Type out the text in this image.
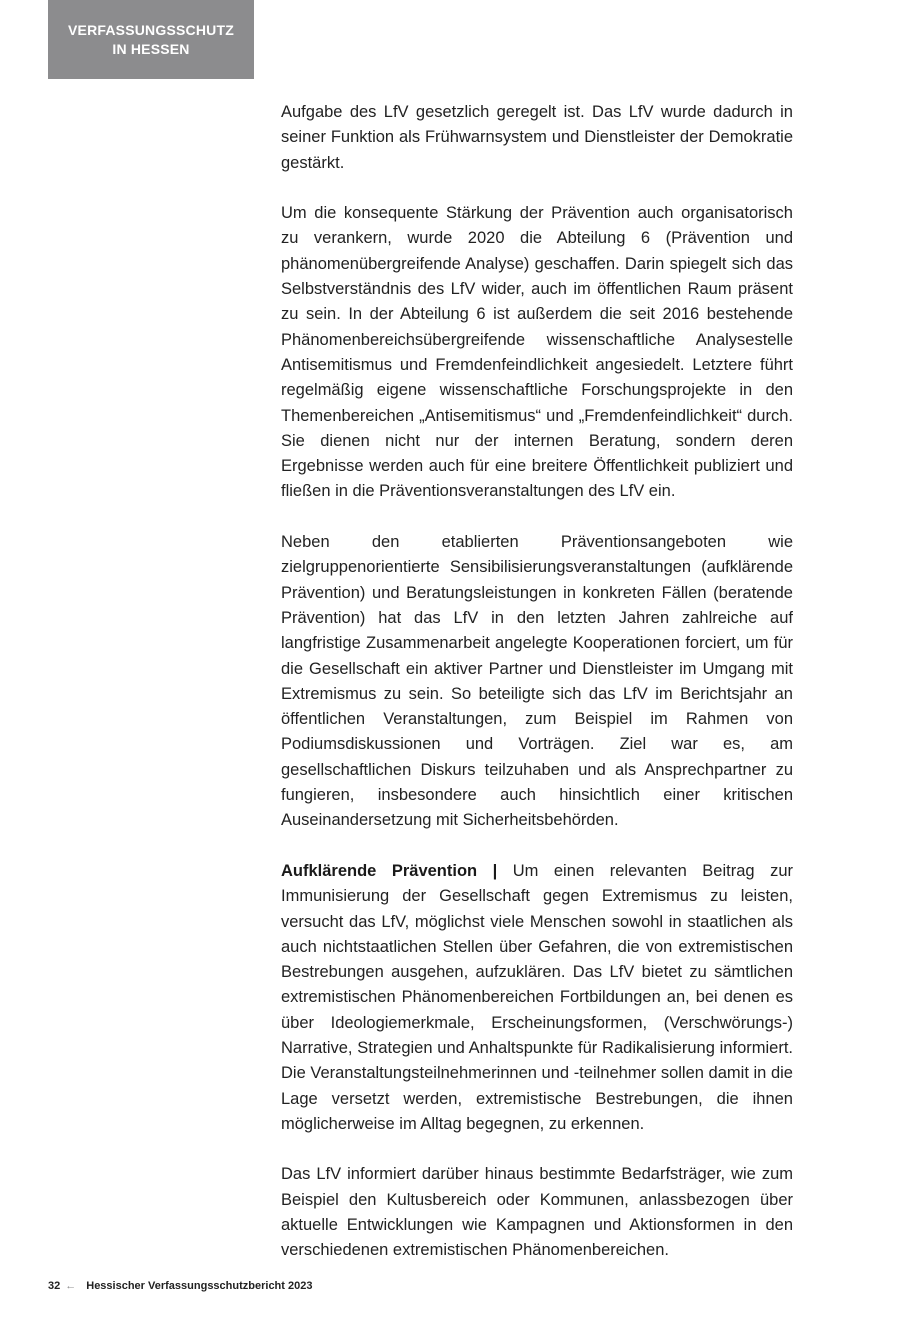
VERFASSUNGSSCHUTZ
IN HESSEN

Aufgabe des LfV gesetzlich geregelt ist. Das LfV wurde dadurch in seiner Funktion als Frühwarnsystem und Dienstleister der Demokratie gestärkt.

Um die konsequente Stärkung der Prävention auch organisatorisch zu verankern, wurde 2020 die Abteilung 6 (Prävention und phänomenübergreifende Analyse) geschaffen. Darin spiegelt sich das Selbstverständnis des LfV wider, auch im öffentlichen Raum präsent zu sein. In der Abteilung 6 ist außerdem die seit 2016 bestehende Phänomenbereichsübergreifende wissenschaftliche Analysestelle Antisemitismus und Fremdenfeindlichkeit angesiedelt. Letztere führt regelmäßig eigene wissenschaftliche Forschungsprojekte in den Themenbereichen „Antisemitismus“ und „Fremdenfeindlichkeit“ durch. Sie dienen nicht nur der internen Beratung, sondern deren Ergebnisse werden auch für eine breitere Öffentlichkeit publiziert und fließen in die Präventionsveranstaltungen des LfV ein.

Neben den etablierten Präventionsangeboten wie zielgruppenorientierte Sensibilisierungsveranstaltungen (aufklärende Prävention) und Beratungsleistungen in konkreten Fällen (beratende Prävention) hat das LfV in den letzten Jahren zahlreiche auf langfristige Zusammenarbeit angelegte Kooperationen forciert, um für die Gesellschaft ein aktiver Partner und Dienstleister im Umgang mit Extremismus zu sein. So beteiligte sich das LfV im Berichtsjahr an öffentlichen Veranstaltungen, zum Beispiel im Rahmen von Podiumsdiskussionen und Vorträgen. Ziel war es, am gesellschaftlichen Diskurs teilzuhaben und als Ansprechpartner zu fungieren, insbesondere auch hinsichtlich einer kritischen Auseinandersetzung mit Sicherheitsbehörden.

Aufklärende Prävention | Um einen relevanten Beitrag zur Immunisierung der Gesellschaft gegen Extremismus zu leisten, versucht das LfV, möglichst viele Menschen sowohl in staatlichen als auch nichtstaatlichen Stellen über Gefahren, die von extremistischen Bestrebungen ausgehen, aufzuklären. Das LfV bietet zu sämtlichen extremistischen Phänomenbereichen Fortbildungen an, bei denen es über Ideologiemerkmale, Erscheinungsformen, (Verschwörungs-) Narrative, Strategien und Anhaltspunkte für Radikalisierung informiert. Die Veranstaltungsteilnehmerinnen und -teilnehmer sollen damit in die Lage versetzt werden, extremistische Bestrebungen, die ihnen möglicherweise im Alltag begegnen, zu erkennen.

Das LfV informiert darüber hinaus bestimmte Bedarfsträger, wie zum Beispiel den Kultusbereich oder Kommunen, anlassbezogen über aktuelle Entwicklungen wie Kampagnen und Aktionsformen in den verschiedenen extremistischen Phänomenbereichen.

32 ← Hessischer Verfassungsschutzbericht 2023
